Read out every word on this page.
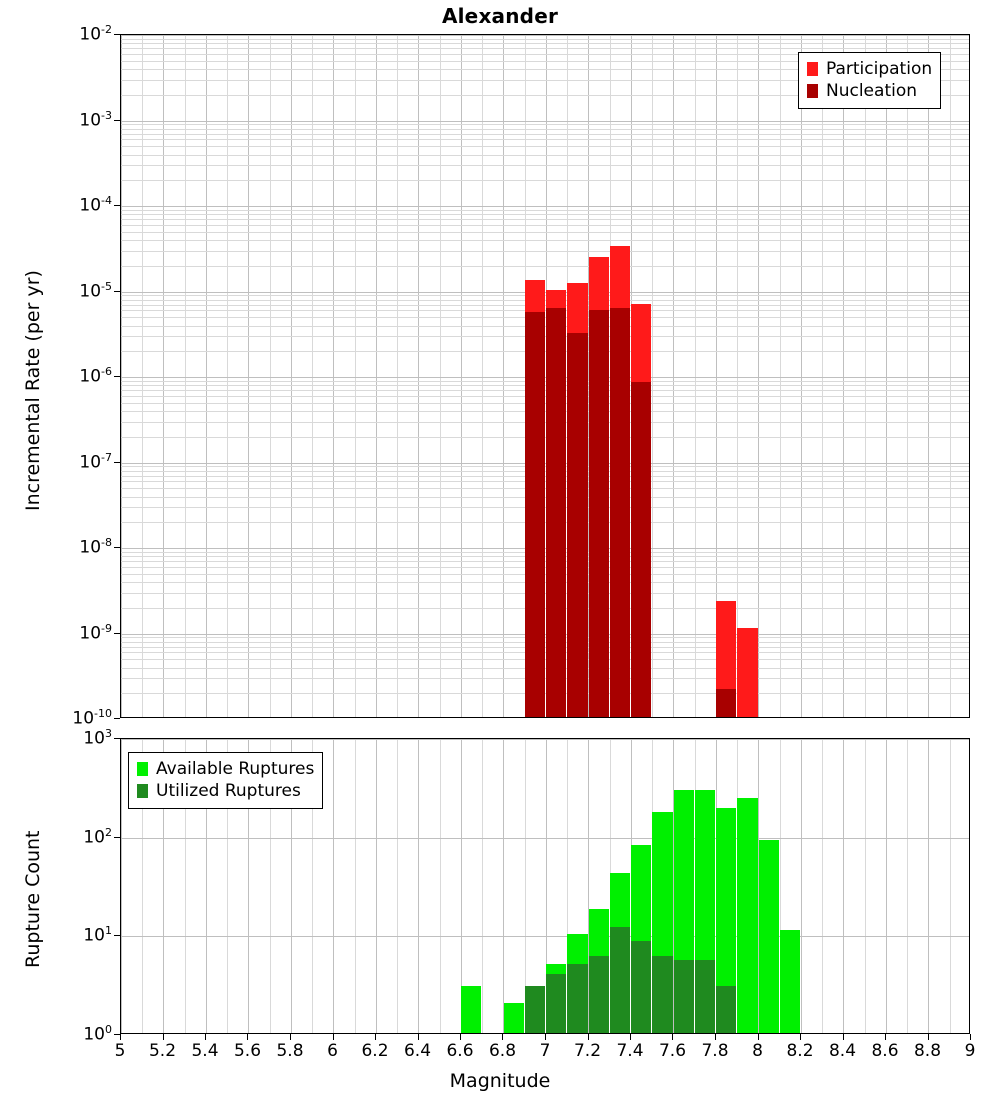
Alexander
$10^{-10}$
$10^{-9}$
$10^{-8}$
$10^{-7}$
$10^{-6}$
$10^{-5}$
$10^{-4}$
$10^{-3}$
$10^{-2}$
Incremental Rate (per yr)
Participation
Nucleation
$10^0$
$10^1$
$10^2$
$10^3$
5	5.2 5.4 5.6 5.8	6	6.2 6.4 6.6 6.8	7	7.2 7.4 7.6 7.8	8	8.2 8.4 8.6 8.8	9
Rupture Count
Available Ruptures
Utilized Ruptures
Magnitude
